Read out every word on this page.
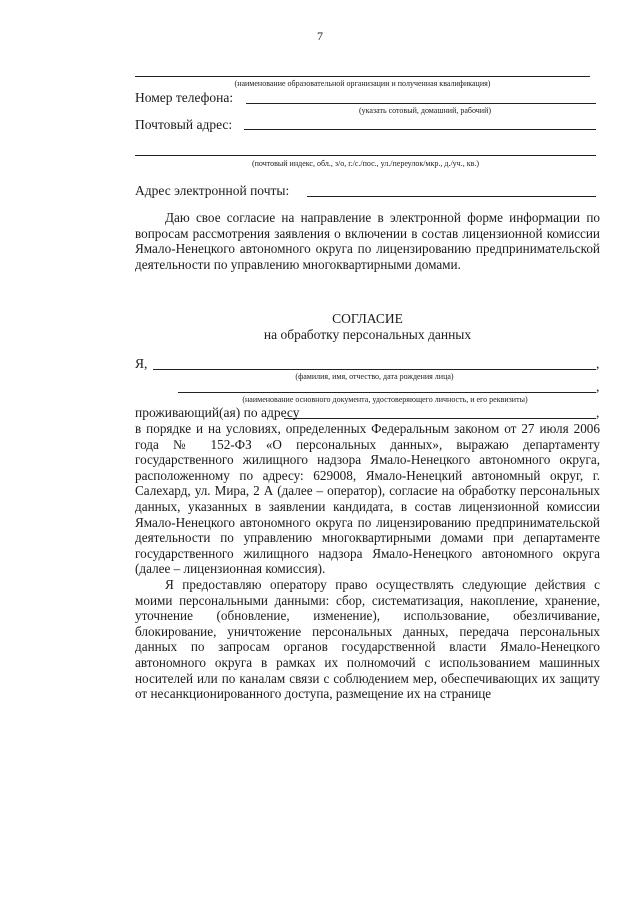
7
(наименование образовательной организации и полученная квалификация)
Номер телефона:
(указать сотовый, домашний, рабочий)
Почтовый адрес:
(почтовый индекс, обл., з/о, г./с./пос., ул./переулок/мкр., д./уч., кв.)
Адрес электронной почты:

Даю свое согласие на направление в электронной форме информации по вопросам рассмотрения заявления о включении в состав лицензионной комиссии Ямало-Ненецкого автономного округа по лицензированию предпринимательской деятельности по управлению многоквартирными домами.

СОГЛАСИЕ
на обработку персональных данных
Я,	,
(фамилия, имя, отчество, дата рождения лица)
,
(наименование основного документа, удостоверяющего личность, и его реквизиты)
проживающий(ая) по адресу	,

в порядке и на условиях, определенных Федеральным законом от 27 июля 2006 года № 152-ФЗ «О персональных данных», выражаю департаменту государственного жилищного надзора Ямало-Ненецкого автономного округа, расположенному по адресу: 629008, Ямало-Ненецкий автономный округ, г. Салехард, ул. Мира, 2 А (далее – оператор), согласие на обработку персональных данных, указанных в заявлении кандидата, в состав лицензионной комиссии Ямало-Ненецкого автономного округа по лицензированию предпринимательской деятельности по управлению многоквартирными домами при департаменте государственного жилищного надзора Ямало-Ненецкого автономного округа (далее – лицензионная комиссия).

Я предоставляю оператору право осуществлять следующие действия с моими персональными данными: сбор, систематизация, накопление, хранение, уточнение (обновление, изменение), использование, обезличивание, блокирование, уничтожение персональных данных, передача персональных данных по запросам органов государственной власти Ямало-Ненецкого автономного округа в рамках их полномочий с использованием машинных носителей или по каналам связи с соблюдением мер, обеспечивающих их защиту от несанкционированного доступа, размещение их на странице
